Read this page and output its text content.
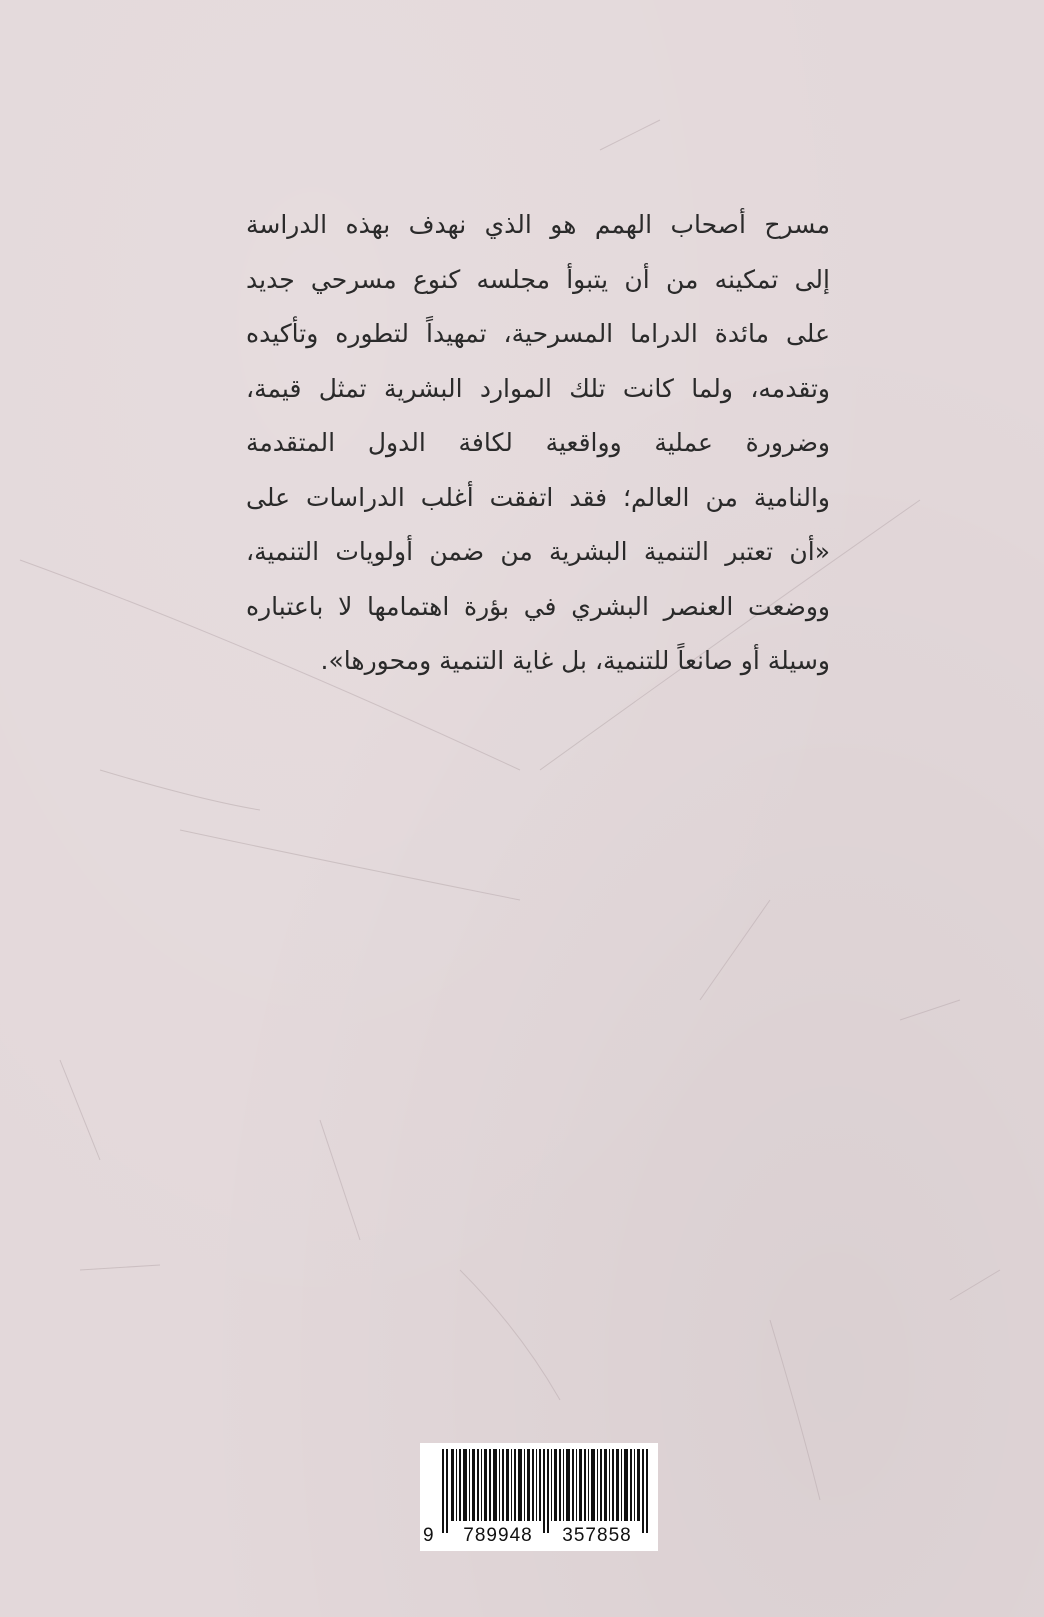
مسرح أصحاب الهمم هو الذي نهدف بهذه الدراسة
إلى تمكينه من أن يتبوأ مجلسه كنوع مسرحي جديد
على مائدة الدراما المسرحية، تمهيداً لتطوره وتأكيده
وتقدمه، ولما كانت تلك الموارد البشرية تمثل قيمة،
وضرورة عملية وواقعية لكافة الدول المتقدمة
والنامية من العالم؛ فقد اتفقت أغلب الدراسات على
«أن تعتبر التنمية البشرية من ضمن أولويات التنمية،
ووضعت العنصر البشري في بؤرة اهتمامها لا باعتباره
وسيلة أو صانعاً للتنمية، بل غاية التنمية ومحورها».
9	789948	357858
